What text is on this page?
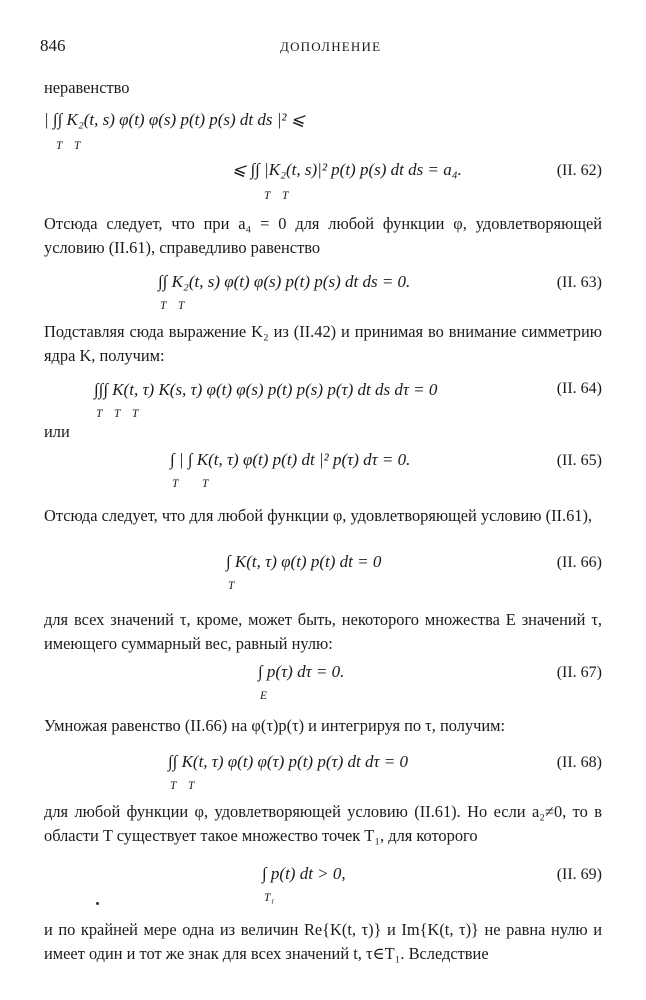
846	ДОПОЛНЕНИЕ
неравенство
| ∫∫ K₂(t, s) φ(t) φ(s) p(t) p(s) dt ds |² ⩽
T T
⩽ ∫∫ |K₂(t, s)|² p(t) p(s) dt ds = a₄.
T T
(II. 62)
Отсюда следует, что при a₄ = 0 для любой функции φ, удовлетворяющей условию (II.61), справедливо равенство
∫∫ K₂(t, s) φ(t) φ(s) p(t) p(s) dt ds = 0.
T T
(II. 63)
Подставляя сюда выражение K₂ из (II.42) и принимая во внимание симметрию ядра K, получим:
∫∫∫ K(t, τ) K(s, τ) φ(t) φ(s) p(t) p(s) p(τ) dt ds dτ = 0
T T T
(II. 64)
или
∫ | ∫ K(t, τ) φ(t) p(t) dt |² p(τ) dτ = 0.
T T
(II. 65)
Отсюда следует, что для любой функции φ, удовлетворяющей условию (II.61),
∫ K(t, τ) φ(t) p(t) dt = 0
T
(II. 66)
для всех значений τ, кроме, может быть, некоторого множества E значений τ, имеющего суммарный вес, равный нулю:
∫ p(τ) dτ = 0.
E
(II. 67)
Умножая равенство (II.66) на φ(τ)p(τ) и интегрируя по τ, получим:
∫∫ K(t, τ) φ(t) φ(τ) p(t) p(τ) dt dτ = 0
T T
(II. 68)
для любой функции φ, удовлетворяющей условию (II.61). Но если a₂≠0, то в области T существует такое множество точек T₁, для которого
∫ p(t) dt > 0,
T₁
(II. 69)
и по крайней мере одна из величин Re{K(t, τ)} и Im{K(t, τ)} не равна нулю и имеет один и тот же знак для всех значений t, τ∈T₁. Вследствие
